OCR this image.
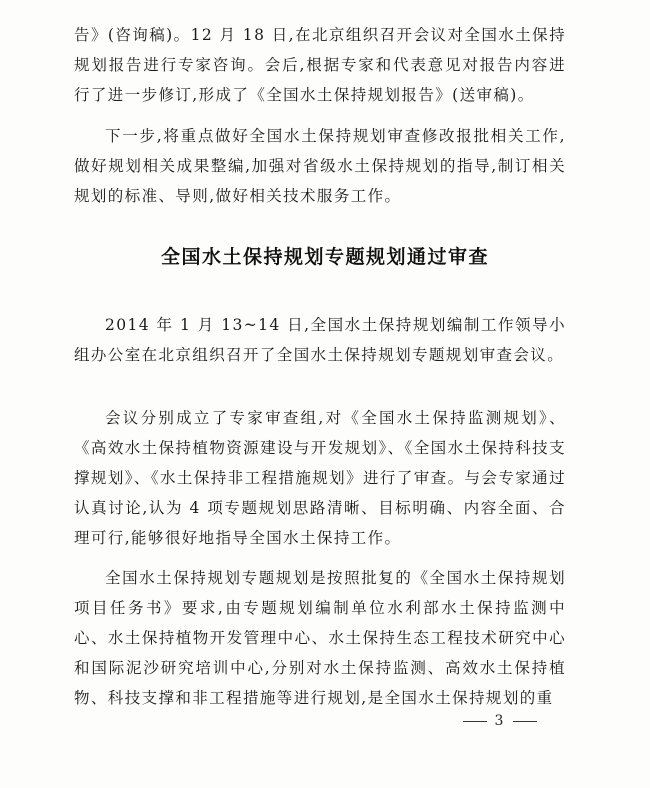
告》(咨询稿)。12 月 18 日,在北京组织召开会议对全国水土保持规划报告进行专家咨询。会后,根据专家和代表意见对报告内容进行了进一步修订,形成了《全国水土保持规划报告》(送审稿)。

下一步,将重点做好全国水土保持规划审查修改报批相关工作,做好规划相关成果整编,加强对省级水土保持规划的指导,制订相关规划的标准、导则,做好相关技术服务工作。

全国水土保持规划专题规划通过审查

2014 年 1 月 13~14 日,全国水土保持规划编制工作领导小组办公室在北京组织召开了全国水土保持规划专题规划审查会议。

会议分别成立了专家审查组,对《全国水土保持监测规划》、《高效水土保持植物资源建设与开发规划》、《全国水土保持科技支撑规划》、《水土保持非工程措施规划》进行了审查。与会专家通过认真讨论,认为 4 项专题规划思路清晰、目标明确、内容全面、合理可行,能够很好地指导全国水土保持工作。

全国水土保持规划专题规划是按照批复的《全国水土保持规划项目任务书》要求,由专题规划编制单位水利部水土保持监测中心、水土保持植物开发管理中心、水土保持生态工程技术研究中心和国际泥沙研究培训中心,分别对水土保持监测、高效水土保持植物、科技支撑和非工程措施等进行规划,是全国水土保持规划的重

3
